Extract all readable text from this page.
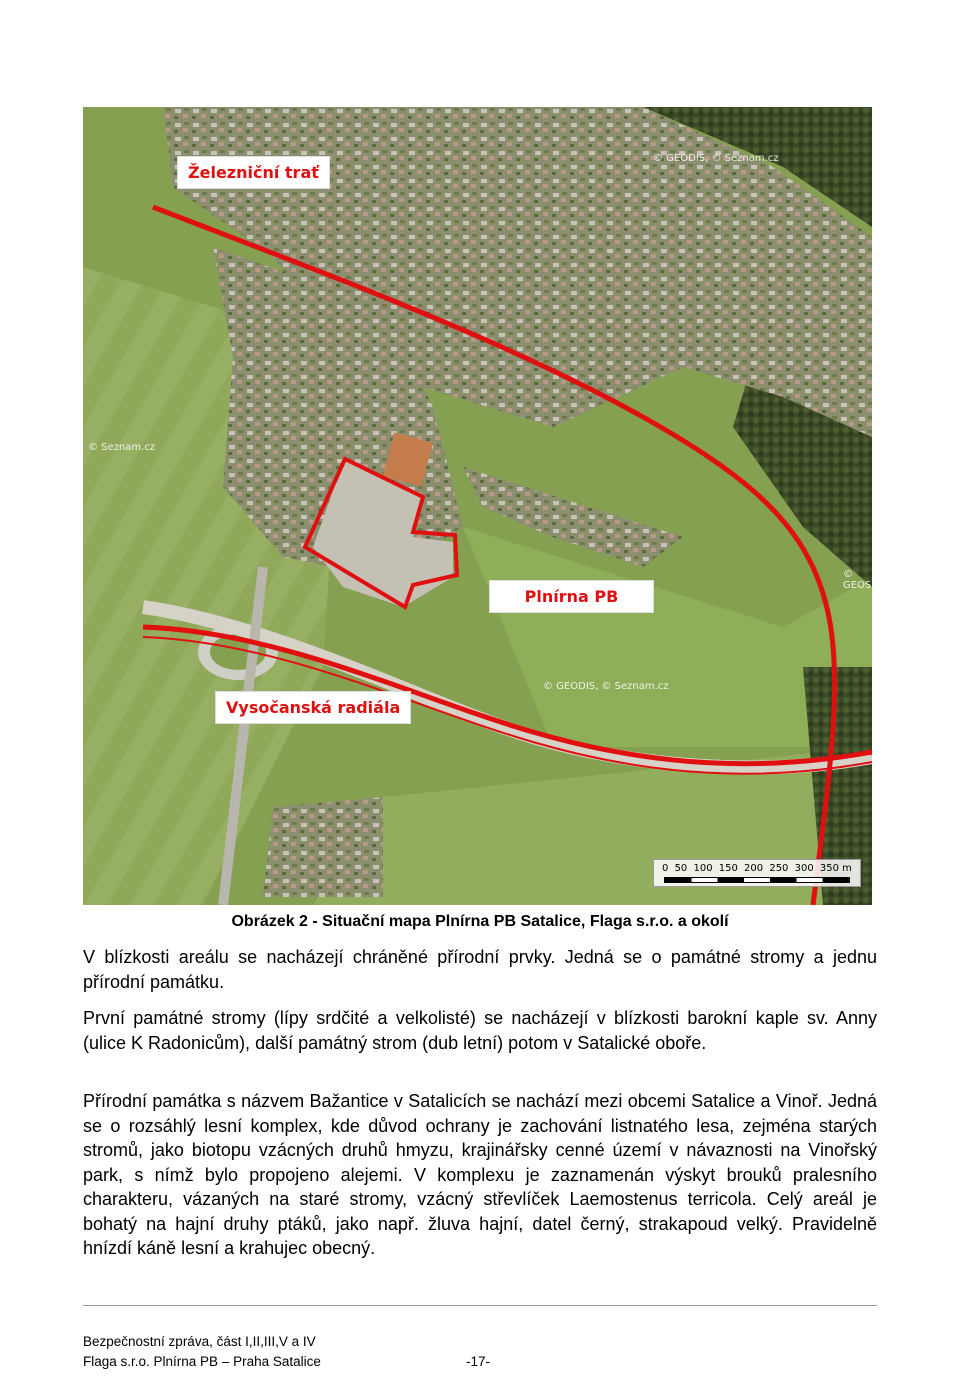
Železniční trať
Plnírna PB
Vysočanská radiála
© GEODIS, © Seznam.cz
© Seznam.cz
© GEODIS, © Seznam.cz
© GEOS
0 50 100 150 200 250 300 350 m
Obrázek 2 - Situační mapa Plnírna PB Satalice, Flaga s.r.o. a okolí

V blízkosti areálu se nacházejí chráněné přírodní prvky. Jedná se o památné stromy a jednu přírodní památku.

První památné stromy (lípy srdčité a velkolisté) se nacházejí v blízkosti barokní kaple sv. Anny (ulice K Radonicům), další památný strom (dub letní) potom v Satalické oboře.

Přírodní památka s názvem Bažantice v Satalicích se nachází mezi obcemi Satalice a Vinoř. Jedná se o rozsáhlý lesní komplex, kde důvod ochrany je zachování listnatého lesa, zejména starých stromů, jako biotopu vzácných druhů hmyzu, krajinářsky cenné území v návaznosti na Vinořský park, s nímž bylo propojeno alejemi. V komplexu je zaznamenán výskyt brouků pralesního charakteru, vázaných na staré stromy, vzácný střevlíček Laemostenus terricola. Celý areál je bohatý na hajní druhy ptáků, jako např. žluva hajní, datel černý, strakapoud velký. Pravidelně hnízdí káně lesní a krahujec obecný.

Bezpečnostní zpráva, část I,II,III,V a IV
Flaga s.r.o. Plnírna PB – Praha Satalice	-17-
